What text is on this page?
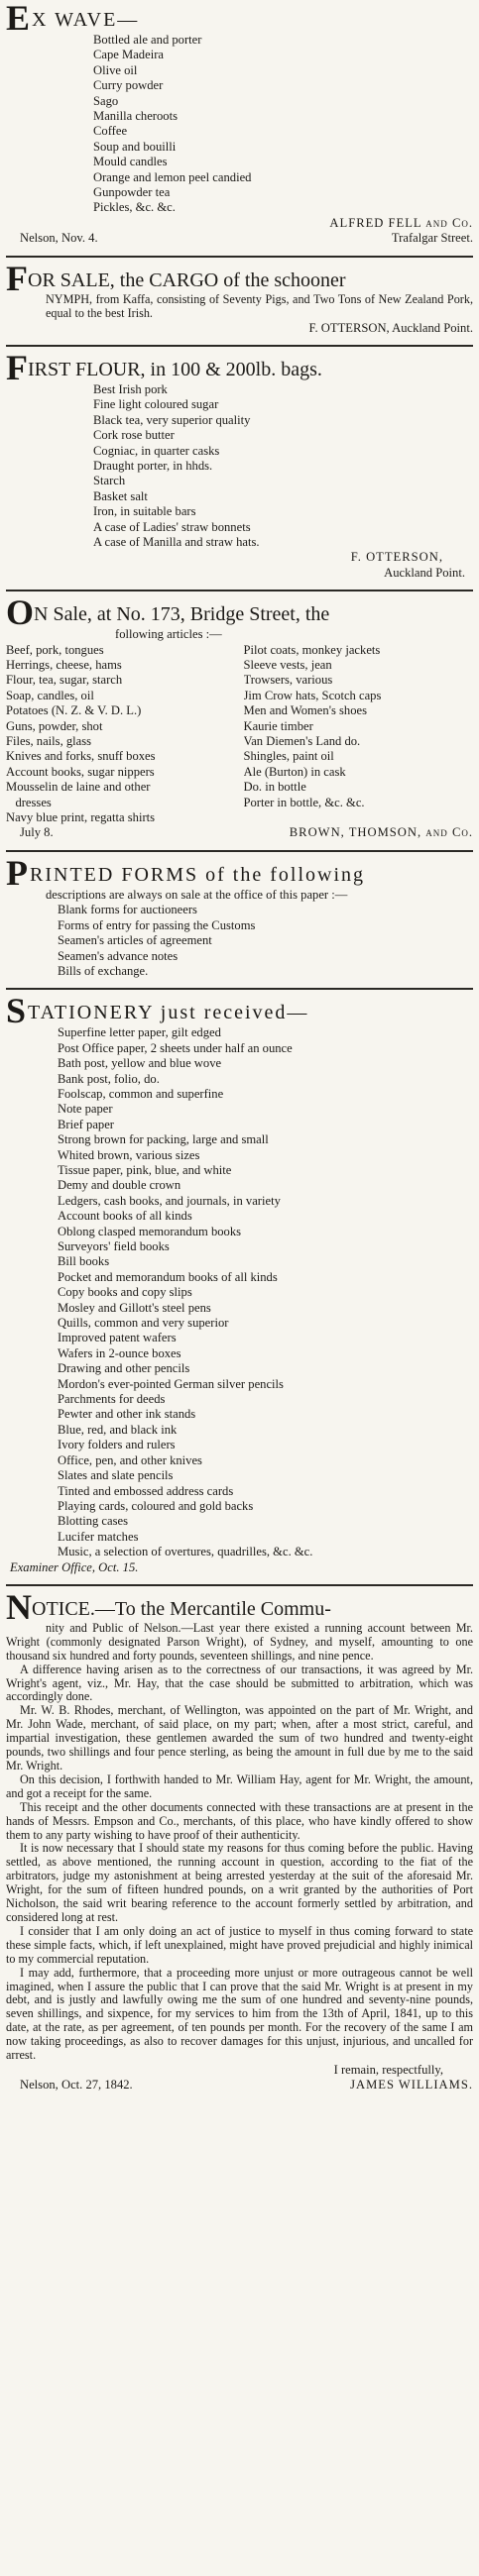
EX WAVE—
Bottled ale and porter
Cape Madeira
Olive oil
Curry powder
Sago
Manilla cheroots
Coffee
Soup and bouilli
Mould candles
Orange and lemon peel candied
Gunpowder tea
Pickles, &c. &c.
ALFRED FELL and Co.
Nelson, Nov. 4.	Trafalgar Street.
FOR SALE, the CARGO of the schooner

NYMPH, from Kaffa, consisting of Seventy Pigs, and Two Tons of New Zealand Pork, equal to the best Irish.

F. OTTERSON, Auckland Point.
FIRST FLOUR, in 100 & 200lb. bags.
Best Irish pork
Fine light coloured sugar
Black tea, very superior quality
Cork rose butter
Cogniac, in quarter casks
Draught porter, in hhds.
Starch
Basket salt
Iron, in suitable bars
A case of Ladies' straw bonnets
A case of Manilla and straw hats.
F. OTTERSON,
Auckland Point.
ON Sale, at No. 173, Bridge Street, the
following articles :—
Beef, pork, tongues	Pilot coats, monkey jackets
Herrings, cheese, hams	Sleeve vests, jean
Flour, tea, sugar, starch	Trowsers, various
Soap, candles, oil	Jim Crow hats, Scotch caps
Potatoes (N. Z. & V. D. L.)	Men and Women's shoes
Guns, powder, shot	Kaurie timber
Files, nails, glass	Van Diemen's Land do.
Knives and forks, snuff boxes	Shingles, paint oil
Account books, sugar nippers	Ale (Burton) in cask
Mousselin de laine and other	Do. in bottle
dresses	Porter in bottle, &c. &c.
Navy blue print, regatta shirts
July 8.	BROWN, THOMSON, and Co.
PRINTED FORMS of the following
descriptions are always on sale at the office of this paper :—
Blank forms for auctioneers
Forms of entry for passing the Customs
Seamen's articles of agreement
Seamen's advance notes
Bills of exchange.
STATIONERY just received—
Superfine letter paper, gilt edged
Post Office paper, 2 sheets under half an ounce
Bath post, yellow and blue wove
Bank post, folio, do.
Foolscap, common and superfine
Note paper
Brief paper
Strong brown for packing, large and small
Whited brown, various sizes
Tissue paper, pink, blue, and white
Demy and double crown
Ledgers, cash books, and journals, in variety
Account books of all kinds
Oblong clasped memorandum books
Surveyors' field books
Bill books
Pocket and memorandum books of all kinds
Copy books and copy slips
Mosley and Gillott's steel pens
Quills, common and very superior
Improved patent wafers
Wafers in 2-ounce boxes
Drawing and other pencils
Mordon's ever-pointed German silver pencils
Parchments for deeds
Pewter and other ink stands
Blue, red, and black ink
Ivory folders and rulers
Office, pen, and other knives
Slates and slate pencils
Tinted and embossed address cards
Playing cards, coloured and gold backs
Blotting cases
Lucifer matches
Music, a selection of overtures, quadrilles, &c. &c.
Examiner Office, Oct. 15.
NOTICE.—To the Mercantile Commu-

nity and Public of Nelson.—Last year there existed a running account between Mr. Wright (commonly designated Parson Wright), of Sydney, and myself, amounting to one thousand six hundred and forty pounds, seventeen shillings, and nine pence.

A difference having arisen as to the correctness of our transactions, it was agreed by Mr. Wright's agent, viz., Mr. Hay, that the case should be submitted to arbitration, which was accordingly done.

Mr. W. B. Rhodes, merchant, of Wellington, was appointed on the part of Mr. Wright, and Mr. John Wade, merchant, of said place, on my part; when, after a most strict, careful, and impartial investigation, these gentlemen awarded the sum of two hundred and twenty-eight pounds, two shillings and four pence sterling, as being the amount in full due by me to the said Mr. Wright.

On this decision, I forthwith handed to Mr. William Hay, agent for Mr. Wright, the amount, and got a receipt for the same.

This receipt and the other documents connected with these transactions are at present in the hands of Messrs. Empson and Co., merchants, of this place, who have kindly offered to show them to any party wishing to have proof of their authenticity.

It is now necessary that I should state my reasons for thus coming before the public. Having settled, as above mentioned, the running account in question, according to the fiat of the arbitrators, judge my astonishment at being arrested yesterday at the suit of the aforesaid Mr. Wright, for the sum of fifteen hundred pounds, on a writ granted by the authorities of Port Nicholson, the said writ bearing reference to the account formerly settled by arbitration, and considered long at rest.

I consider that I am only doing an act of justice to myself in thus coming forward to state these simple facts, which, if left unexplained, might have proved prejudicial and highly inimical to my commercial reputation.

I may add, furthermore, that a proceeding more unjust or more outrageous cannot be well imagined, when I assure the public that I can prove that the said Mr. Wright is at present in my debt, and is justly and lawfully owing me the sum of one hundred and seventy-nine pounds, seven shillings, and sixpence, for my services to him from the 13th of April, 1841, up to this date, at the rate, as per agreement, of ten pounds per month. For the recovery of the same I am now taking proceedings, as also to recover damages for this unjust, injurious, and uncalled for arrest.

I remain, respectfully,
Nelson, Oct. 27, 1842.	JAMES WILLIAMS.
